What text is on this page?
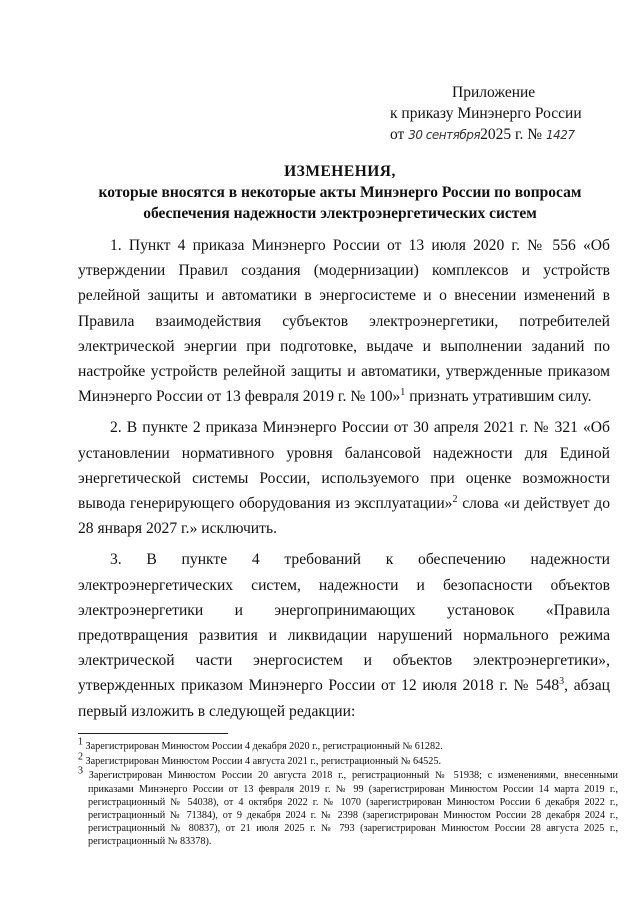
Приложение
к приказу Минэнерго России
от 30 сентября2025 г. № 1427
ИЗМЕНЕНИЯ,
которые вносятся в некоторые акты Минэнерго России по вопросам
обеспечения надежности электроэнергетических систем

1. Пункт 4 приказа Минэнерго России от 13 июля 2020 г. № 556 «Об утверждении Правил создания (модернизации) комплексов и устройств релейной защиты и автоматики в энергосистеме и о внесении изменений в Правила взаимодействия субъектов электроэнергетики, потребителей электрической энергии при подготовке, выдаче и выполнении заданий по настройке устройств релейной защиты и автоматики, утвержденные приказом Минэнерго России от 13 февраля 2019 г. № 100»$^1$ признать утратившим силу.

2. В пункте 2 приказа Минэнерго России от 30 апреля 2021 г. № 321 «Об установлении нормативного уровня балансовой надежности для Единой энергетической системы России, используемого при оценке возможности вывода генерирующего оборудования из эксплуатации»$^2$ слова «и действует до 28 января 2027 г.» исключить.

3. В пункте 4 требований к обеспечению надежности электроэнергетических систем, надежности и безопасности объектов электроэнергетики и энергопринимающих установок «Правила предотвращения развития и ликвидации нарушений нормального режима электрической части энергосистем и объектов электроэнергетики», утвержденных приказом Минэнерго России от 12 июля 2018 г. № $548^3$, абзац первый изложить в следующей редакции:

$^1$ Зарегистрирован Минюстом России 4 декабря 2020 г., регистрационный № 61282.

$^2$ Зарегистрирован Минюстом России 4 августа 2021 г., регистрационный № 64525.

$^3$ Зарегистрирован Минюстом России 20 августа 2018 г., регистрационный № 51938; с изменениями, внесенными приказами Минэнерго России от 13 февраля 2019 г. № 99 (зарегистрирован Минюстом России 14 марта 2019 г., регистрационный № 54038), от 4 октября 2022 г. № 1070 (зарегистрирован Минюстом России 6 декабря 2022 г., регистрационный № 71384), от 9 декабря 2024 г. № 2398 (зарегистрирован Минюстом России 28 декабря 2024 г., регистрационный № 80837), от 21 июля 2025 г. № 793 (зарегистрирован Минюстом России 28 августа 2025 г., регистрационный № 83378).
